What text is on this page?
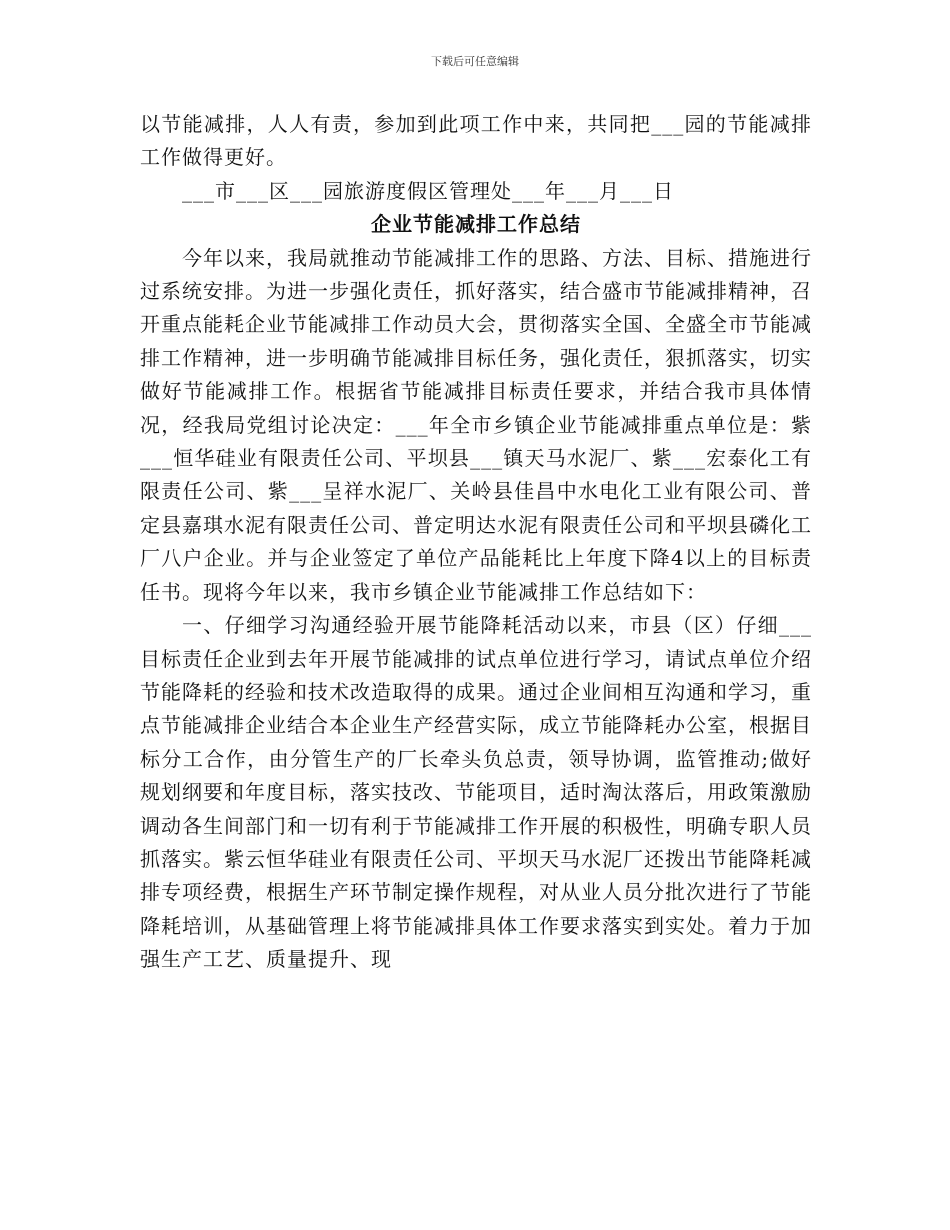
下载后可任意编辑

以节能减排，人人有责，参加到此项工作中来，共同把___园的节能减排工作做得更好。

___市___区___园旅游度假区管理处___年___月___日

企业节能减排工作总结

今年以来，我局就推动节能减排工作的思路、方法、目标、措施进行过系统安排。为进一步强化责任，抓好落实，结合盛市节能减排精神，召开重点能耗企业节能减排工作动员大会，贯彻落实全国、全盛全市节能减排工作精神，进一步明确节能减排目标任务，强化责任，狠抓落实，切实做好节能减排工作。根据省节能减排目标责任要求，并结合我市具体情况，经我局党组讨论决定：___年全市乡镇企业节能减排重点单位是：紫___恒华硅业有限责任公司、平坝县___镇天马水泥厂、紫___宏泰化工有限责任公司、紫___呈祥水泥厂、关岭县佳昌中水电化工业有限公司、普定县嘉琪水泥有限责任公司、普定明达水泥有限责任公司和平坝县磷化工厂八户企业。并与企业签定了单位产品能耗比上年度下降4以上的目标责任书。现将今年以来，我市乡镇企业节能减排工作总结如下：

一、仔细学习沟通经验开展节能降耗活动以来，市县（区）仔细___目标责任企业到去年开展节能减排的试点单位进行学习，请试点单位介绍节能降耗的经验和技术改造取得的成果。通过企业间相互沟通和学习，重点节能减排企业结合本企业生产经营实际，成立节能降耗办公室，根据目标分工合作，由分管生产的厂长牵头负总责，领导协调，监管推动;做好规划纲要和年度目标，落实技改、节能项目，适时淘汰落后，用政策激励调动各生间部门和一切有利于节能减排工作开展的积极性，明确专职人员抓落实。紫云恒华硅业有限责任公司、平坝天马水泥厂还拨出节能降耗减排专项经费，根据生产环节制定操作规程，对从业人员分批次进行了节能降耗培训，从基础管理上将节能减排具体工作要求落实到实处。着力于加强生产工艺、质量提升、现
